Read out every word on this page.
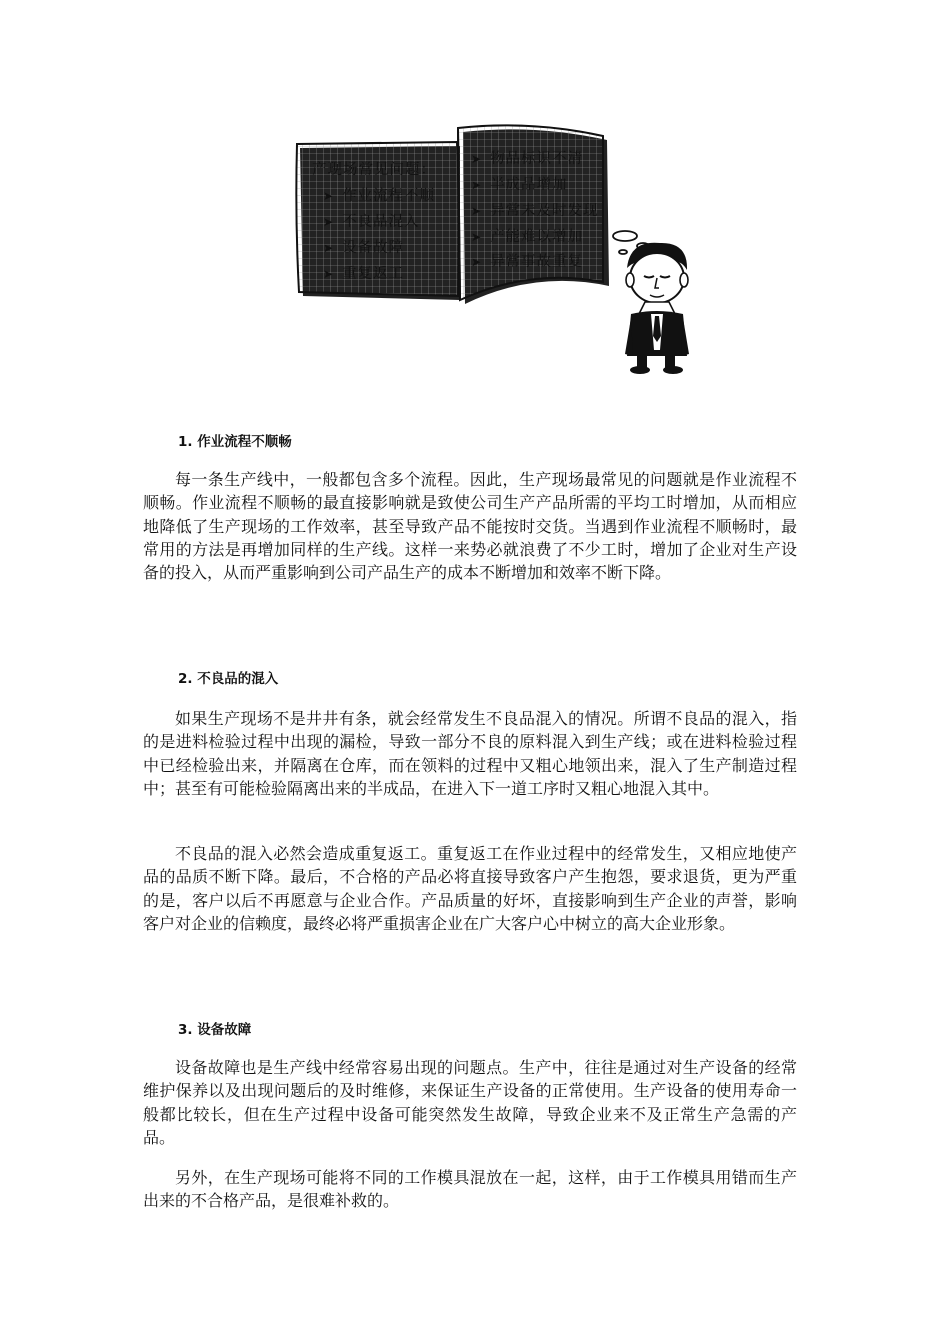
产现场常见问题：
➤ 作业流程不顺
➤ 不良品混入
➤ 设备故障
➤ 重复返工
➤ 物品标识不清
➤ 半成品增加
➤ 异常未及时发现
➤ 产能难以增加
➤ 异常事故重复
1. 作业流程不顺畅

每一条生产线中，一般都包含多个流程。因此，生产现场最常见的问题就是作业流程不顺畅。作业流程不顺畅的最直接影响就是致使公司生产产品所需的平均工时增加，从而相应地降低了生产现场的工作效率，甚至导致产品不能按时交货。当遇到作业流程不顺畅时，最常用的方法是再增加同样的生产线。这样一来势必就浪费了不少工时，增加了企业对生产设备的投入，从而严重影响到公司产品生产的成本不断增加和效率不断下降。

2. 不良品的混入

如果生产现场不是井井有条，就会经常发生不良品混入的情况。所谓不良品的混入，指的是进料检验过程中出现的漏检，导致一部分不良的原料混入到生产线；或在进料检验过程中已经检验出来，并隔离在仓库，而在领料的过程中又粗心地领出来，混入了生产制造过程中；甚至有可能检验隔离出来的半成品，在进入下一道工序时又粗心地混入其中。

不良品的混入必然会造成重复返工。重复返工在作业过程中的经常发生，又相应地使产品的品质不断下降。最后，不合格的产品必将直接导致客户产生抱怨，要求退货，更为严重的是，客户以后不再愿意与企业合作。产品质量的好坏，直接影响到生产企业的声誉，影响客户对企业的信赖度，最终必将严重损害企业在广大客户心中树立的高大企业形象。

3. 设备故障

设备故障也是生产线中经常容易出现的问题点。生产中，往往是通过对生产设备的经常维护保养以及出现问题后的及时维修，来保证生产设备的正常使用。生产设备的使用寿命一般都比较长，但在生产过程中设备可能突然发生故障，导致企业来不及正常生产急需的产品。

另外，在生产现场可能将不同的工作模具混放在一起，这样，由于工作模具用错而生产出来的不合格产品，是很难补救的。
